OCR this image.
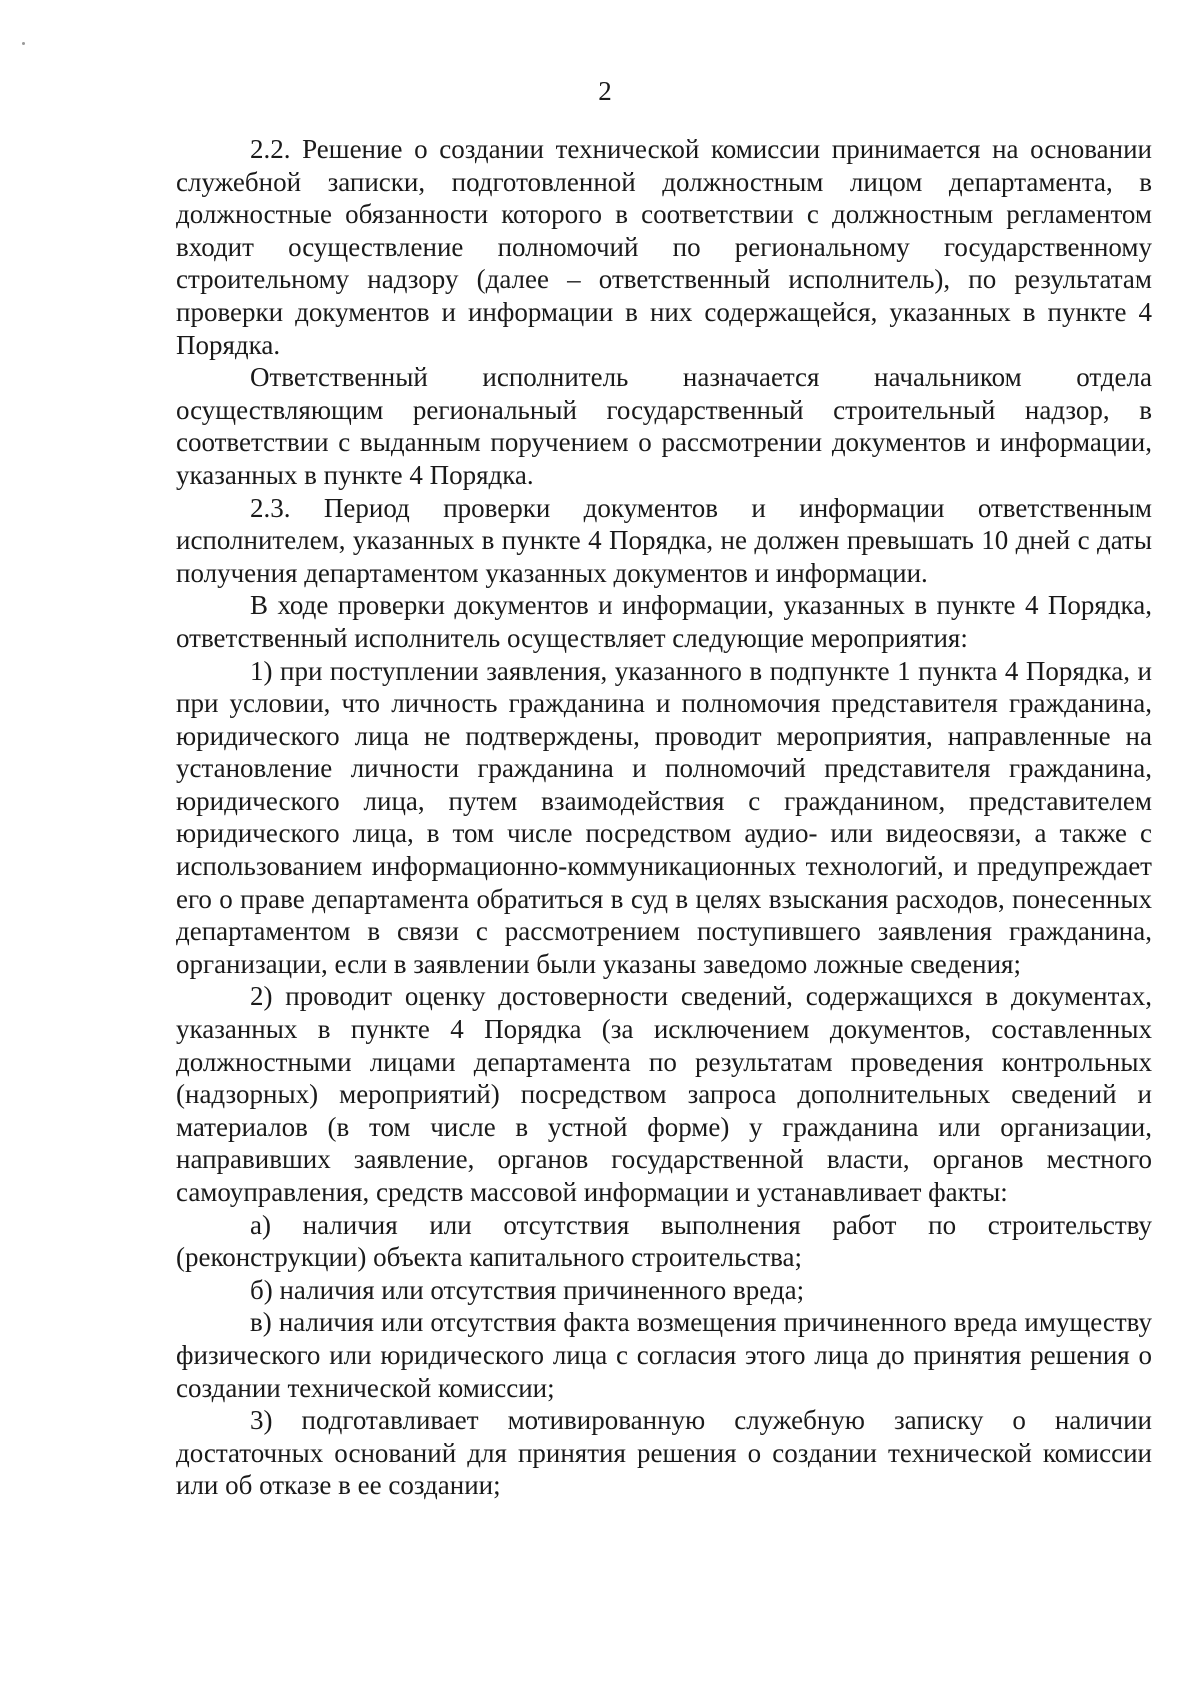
2

2.2. Решение о создании технической комиссии принимается на основании служебной записки, подготовленной должностным лицом департамента, в должностные обязанности которого в соответствии с должностным регламентом входит осуществление полномочий по региональному государственному строительному надзору (далее – ответственный исполнитель), по результатам проверки документов и информации в них содержащейся, указанных в пункте 4 Порядка.

Ответственный исполнитель назначается начальником отдела осуществляющим региональный государственный строительный надзор, в соответствии с выданным поручением о рассмотрении документов и информации, указанных в пункте 4 Порядка.

2.3. Период проверки документов и информации ответственным исполнителем, указанных в пункте 4 Порядка, не должен превышать 10 дней с даты получения департаментом указанных документов и информации.

В ходе проверки документов и информации, указанных в пункте 4 Порядка, ответственный исполнитель осуществляет следующие мероприятия:

1) при поступлении заявления, указанного в подпункте 1 пункта 4 Порядка, и при условии, что личность гражданина и полномочия представителя гражданина, юридического лица не подтверждены, проводит мероприятия, направленные на установление личности гражданина и полномочий представителя гражданина, юридического лица, путем взаимодействия с гражданином, представителем юридического лица, в том числе посредством аудио- или видеосвязи, а также с использованием информационно-коммуникационных технологий, и предупреждает его о праве департамента обратиться в суд в целях взыскания расходов, понесенных департаментом в связи с рассмотрением поступившего заявления гражданина, организации, если в заявлении были указаны заведомо ложные сведения;

2) проводит оценку достоверности сведений, содержащихся в документах, указанных в пункте 4 Порядка (за исключением документов, составленных должностными лицами департамента по результатам проведения контрольных (надзорных) мероприятий) посредством запроса дополнительных сведений и материалов (в том числе в устной форме) у гражданина или организации, направивших заявление, органов государственной власти, органов местного самоуправления, средств массовой информации и устанавливает факты:

а) наличия или отсутствия выполнения работ по строительству (реконструкции) объекта капитального строительства;

б) наличия или отсутствия причиненного вреда;

в) наличия или отсутствия факта возмещения причиненного вреда имуществу физического или юридического лица с согласия этого лица до принятия решения о создании технической комиссии;

3) подготавливает мотивированную служебную записку о наличии достаточных оснований для принятия решения о создании технической комиссии или об отказе в ее создании;
